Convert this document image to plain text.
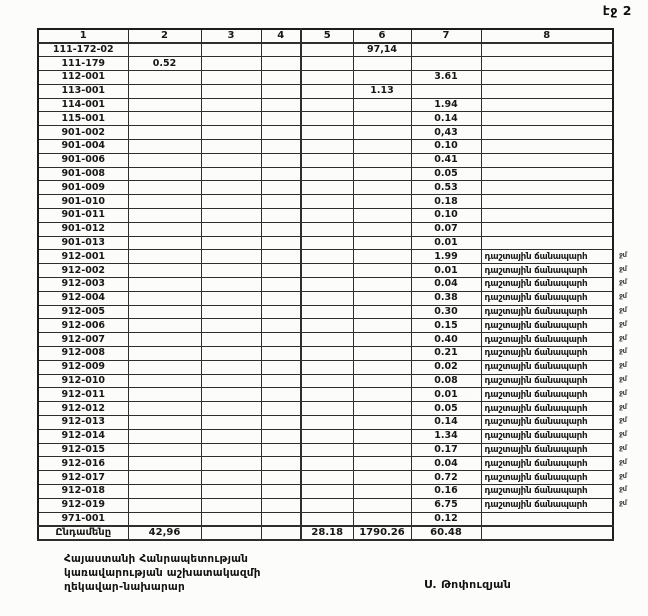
էջ 2
1	2	3	4	5	6	7	8
111-172-02					97,14		
111-179	0.52						
112-001						3.61	
113-001					1.13		
114-001						1.94	
115-001						0.14	
901-002						0,43	
901-004						0.10	
901-006						0.41	
901-008						0.05	
901-009						0.53	
901-010						0.18	
901-011						0.10	
901-012						0.07	
901-013						0.01	
912-001						1.99	դաշտային ճանապարհ
912-002						0.01	դաշտային ճանապարհ
912-003						0.04	դաշտային ճանապարհ
912-004						0.38	դաշտային ճանապարհ
912-005						0.30	դաշտային ճանապարհ
912-006						0.15	դաշտային ճանապարհ
912-007						0.40	դաշտային ճանապարհ
912-008						0.21	դաշտային ճանապարհ
912-009						0.02	դաշտային ճանապարհ
912-010						0.08	դաշտային ճանապարհ
912-011						0.01	դաշտային ճանապարհ
912-012						0.05	դաշտային ճանապարհ
912-013						0.14	դաշտային ճանապարհ
912-014						1.34	դաշտային ճանապարհ
912-015						0.17	դաշտային ճանապարհ
912-016						0.04	դաշտային ճանապարհ
912-017						0.72	դաշտային ճանապարհ
912-018						0.16	դաշտային ճանապարհ
912-019						6.75	դաշտային ճանապարհ
971-001						0.12	
Ընդամենը	42,96			28.18	1790.26	60.48	
ջմ
ջմ
ջմ
ջմ
ջմ
ջմ
ջմ
ջմ
ջմ
ջմ
ջմ
ջմ
ջմ
ջմ
ջմ
ջմ
ջմ
ջմ
ջմ
Հայաստանի Հանրապետության
կառավարության աշխատակազմի
ղեկավար-նախարար	Ս. Թոփուզյան
